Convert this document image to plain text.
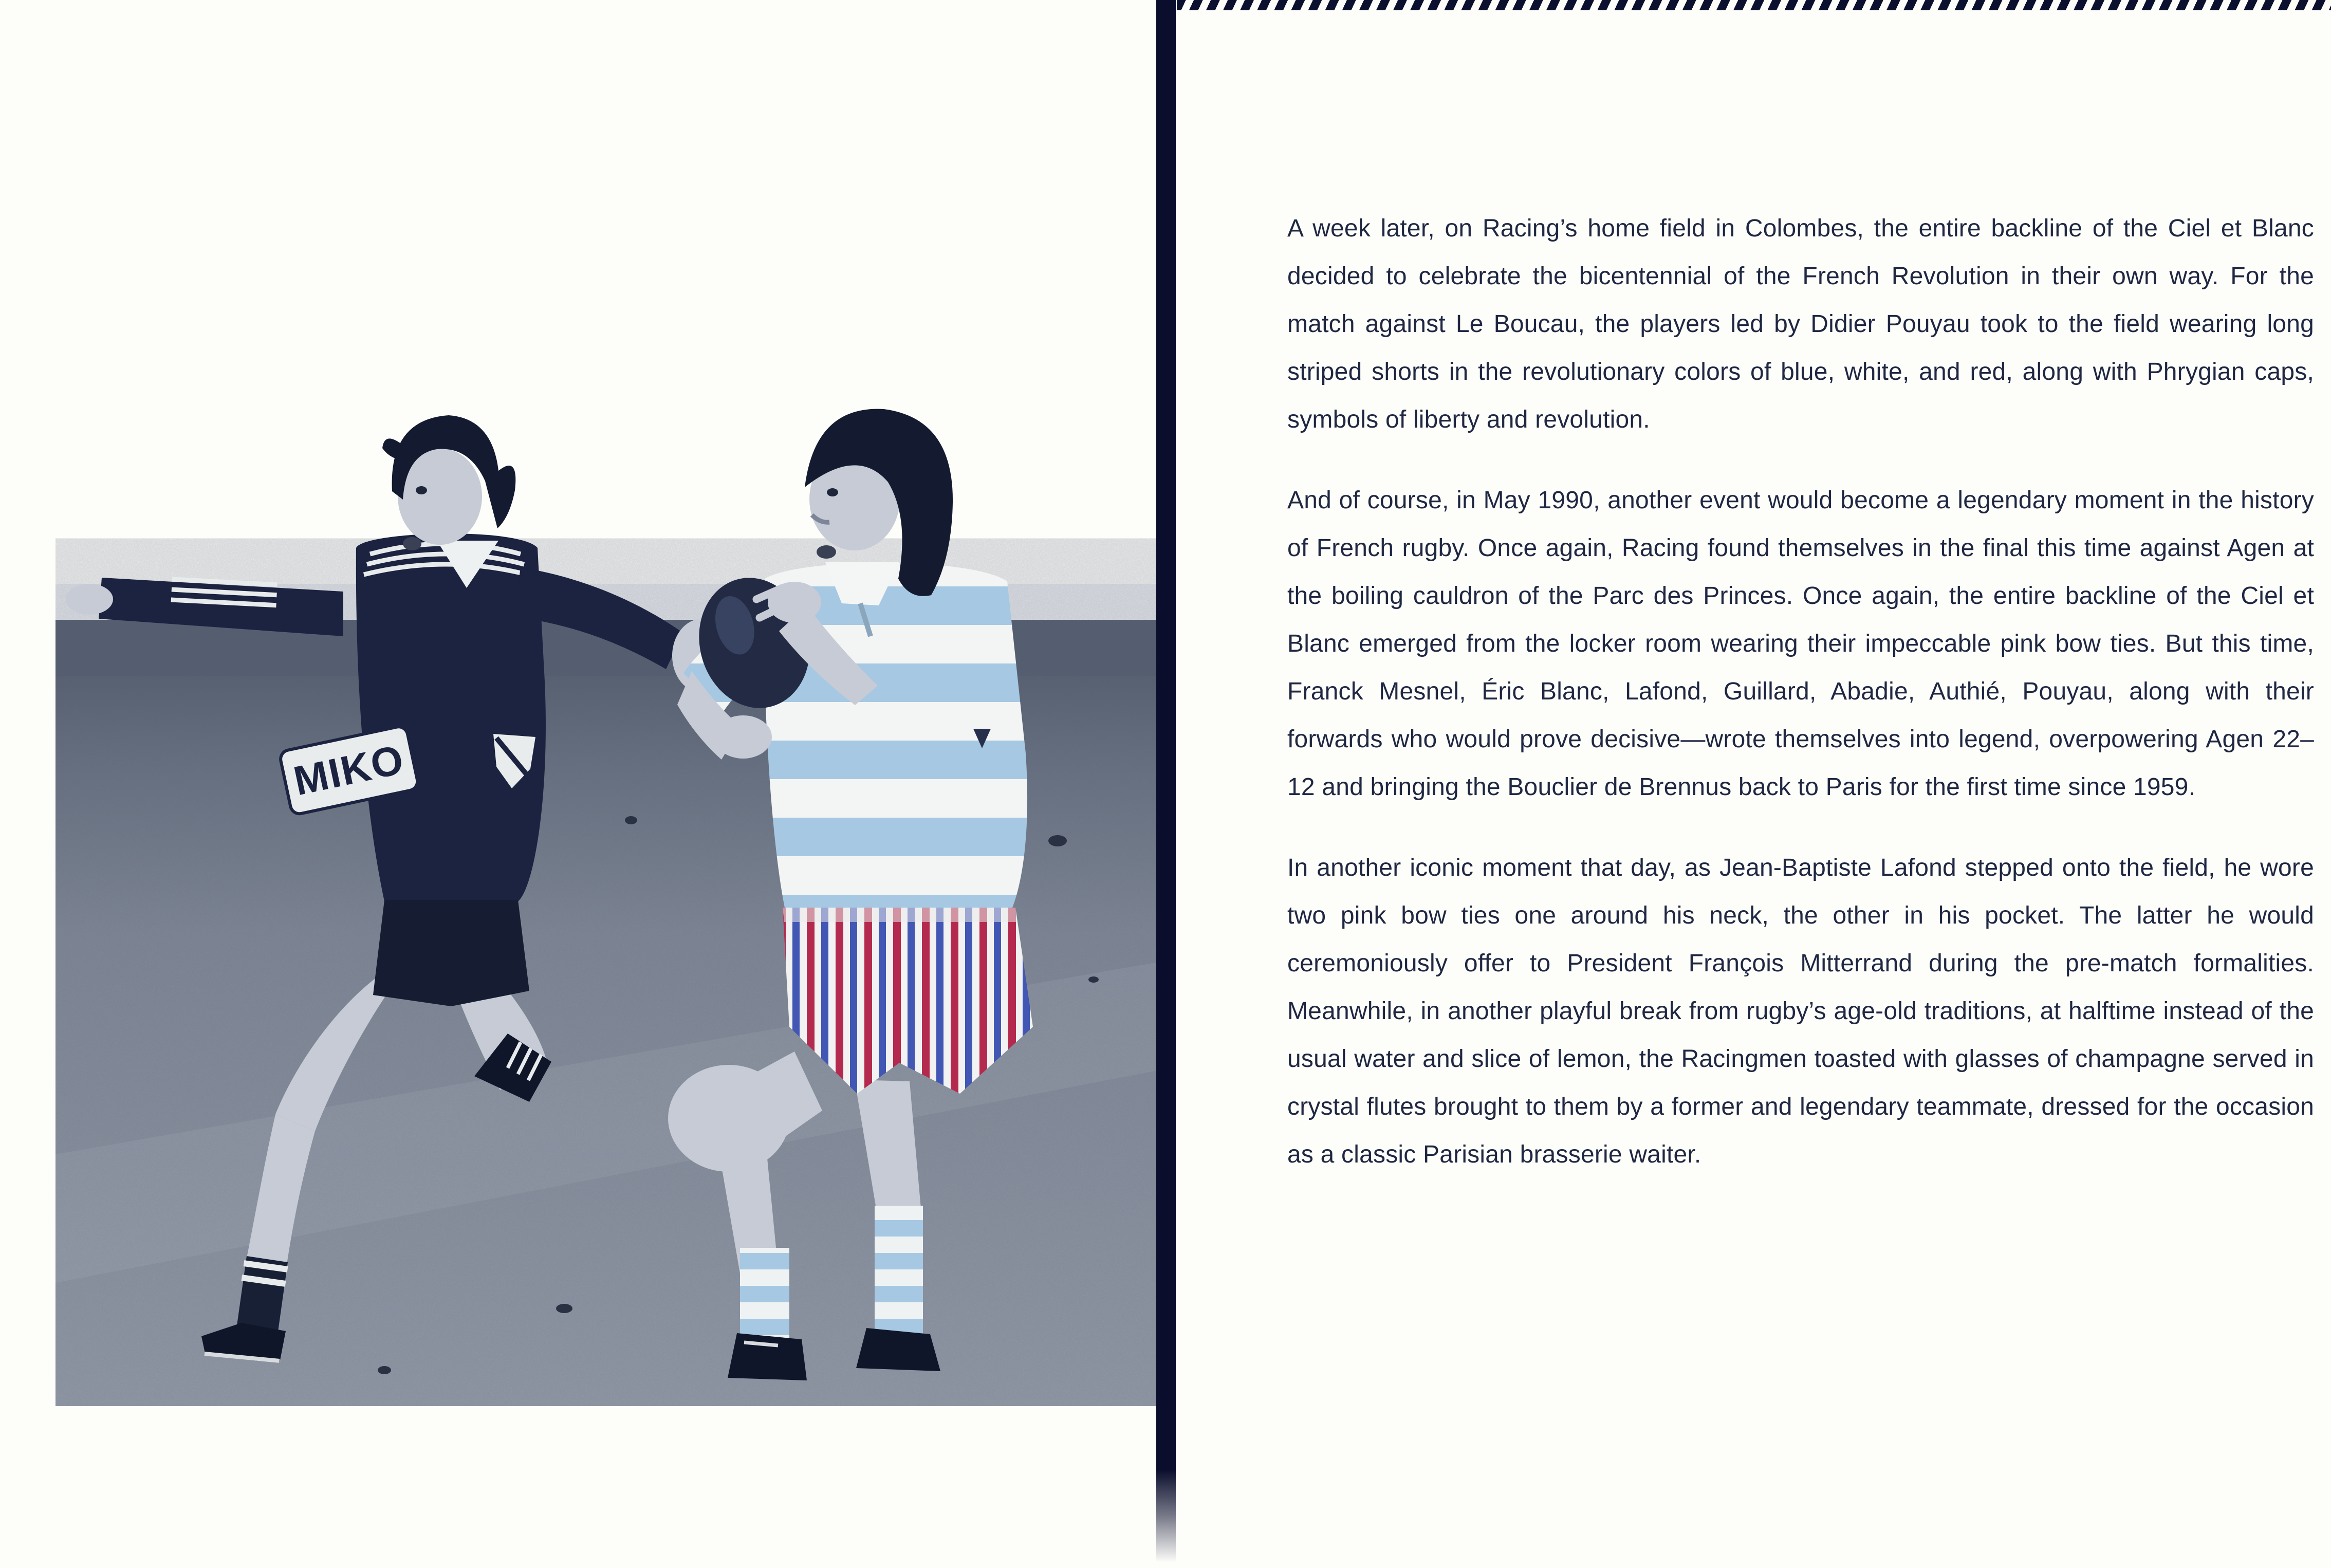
MIKO

A week later, on Racing’s home field in Colombes, the entire backline of the Ciel et Blanc decided to celebrate the bicentennial of the French Revolution in their own way. For the match against Le Boucau, the players led by Didier Pouyau took to the field wearing long striped shorts in the revolutionary colors of blue, white, and red, along with Phrygian caps, symbols of liberty and revolution.

And of course, in May 1990, another event would become a legendary moment in the history of French rugby. Once again, Racing found themselves in the final this time against Agen at the boiling cauldron of the Parc des Princes. Once again, the entire backline of the Ciel et Blanc emerged from the locker room wearing their impeccable pink bow ties. But this time, Franck Mesnel, Éric Blanc, Lafond, Guillard, Abadie, Authié, Pouyau, along with their forwards who would prove decisive—wrote themselves into legend, overpowering Agen 22–12 and bringing the Bouclier de Brennus back to Paris for the first time since 1959.

In another iconic moment that day, as Jean-Baptiste Lafond stepped onto the field, he wore two pink bow ties one around his neck, the other in his pocket. The latter he would ceremoniously offer to President François Mitterrand during the pre-match formalities. Meanwhile, in another playful break from rugby’s age-old traditions, at halftime instead of the usual water and slice of lemon, the Racingmen toasted with glasses of champagne served in crystal flutes brought to them by a former and legendary teammate, dressed for the occasion as a classic Parisian brasserie waiter.
